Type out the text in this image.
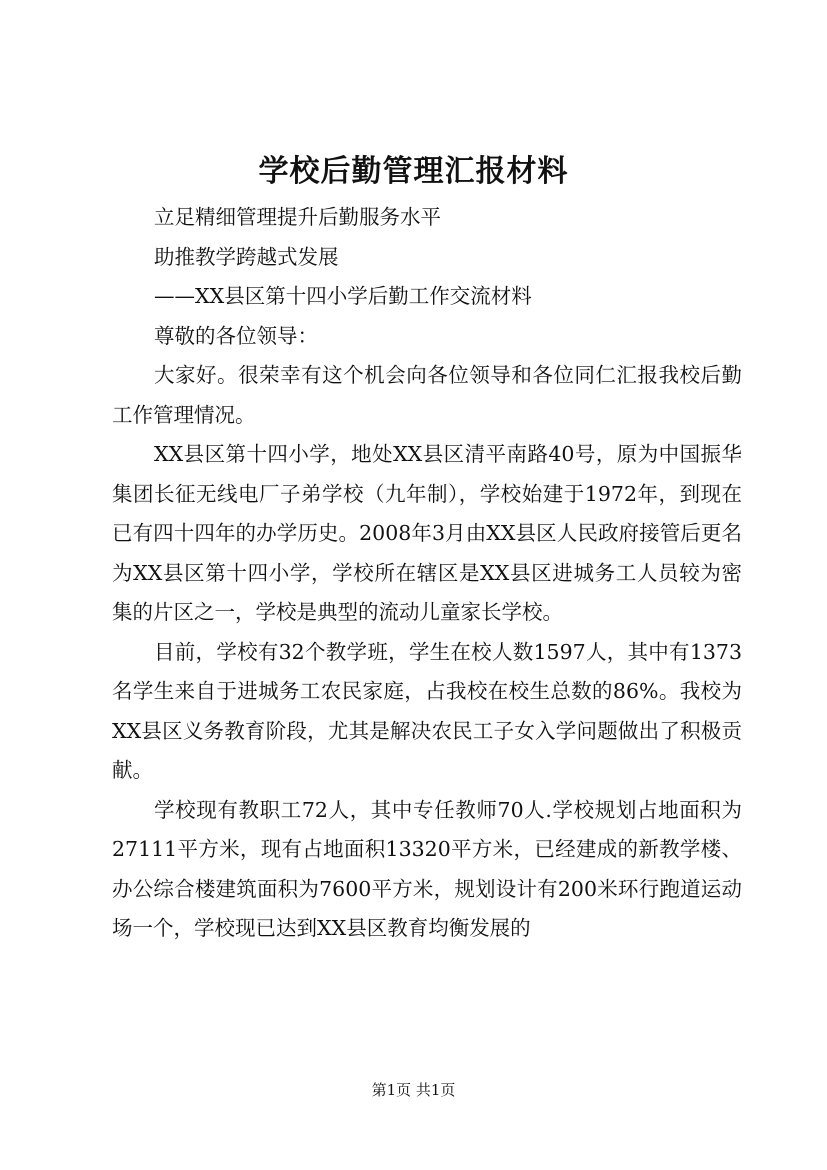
学校后勤管理汇报材料

立足精细管理提升后勤服务水平

助推教学跨越式发展

——XX县区第十四小学后勤工作交流材料

尊敬的各位领导：

大家好。很荣幸有这个机会向各位领导和各位同仁汇报我校后勤工作管理情况。

XX县区第十四小学，地处XX县区清平南路40号，原为中国振华集团长征无线电厂子弟学校（九年制），学校始建于1972年，到现在已有四十四年的办学历史。2008年3月由XX县区人民政府接管后更名为XX县区第十四小学，学校所在辖区是XX县区进城务工人员较为密集的片区之一，学校是典型的流动儿童家长学校。

目前，学校有32个教学班，学生在校人数1597人，其中有1373名学生来自于进城务工农民家庭，占我校在校生总数的86%。我校为XX县区义务教育阶段，尤其是解决农民工子女入学问题做出了积极贡献。

学校现有教职工72人，其中专任教师70人.学校规划占地面积为27111平方米，现有占地面积13320平方米，已经建成的新教学楼、办公综合楼建筑面积为7600平方米，规划设计有200米环行跑道运动场一个，学校现已达到XX县区教育均衡发展的

第1页 共1页
